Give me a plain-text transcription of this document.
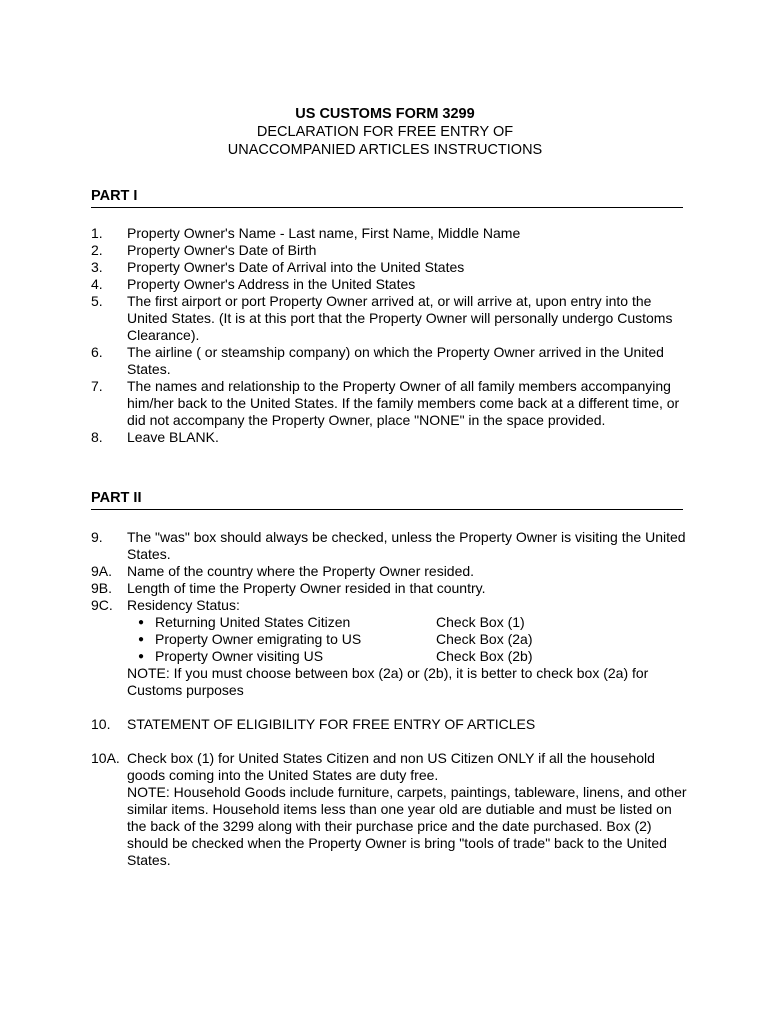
US CUSTOMS FORM 3299
DECLARATION FOR FREE ENTRY OF
UNACCOMPANIED ARTICLES INSTRUCTIONS
PART I
1.	Property Owner's Name - Last name, First Name, Middle Name
2.	Property Owner's Date of Birth
3.	Property Owner's Date of Arrival into the United States
4.	Property Owner's Address in the United States
5.	The first airport or port Property Owner arrived at, or will arrive at, upon entry into the United States. (It is at this port that the Property Owner will personally undergo Customs Clearance).
6.	The airline ( or steamship company) on which the Property Owner arrived in the United States.
7.	The names and relationship to the Property Owner of all family members accompanying him/her back to the United States. If the family members come back at a different time, or did not accompany the Property Owner, place "NONE" in the space provided.
8.	Leave BLANK.
PART II
9.	The "was" box should always be checked, unless the Property Owner is visiting the United States.
9A.	Name of the country where the Property Owner resided.
9B.	Length of time the Property Owner resided in that country.
9C.	Residency Status:

● Returning United States Citizen	Check Box (1)
● Property Owner emigrating to US	Check Box (2a)
● Property Owner visiting US	Check Box (2b)

NOTE: If you must choose between box (2a) or (2b), it is better to check box (2a) for Customs purposes

10.	STATEMENT OF ELIGIBILITY FOR FREE ENTRY OF ARTICLES
10A. Check box (1) for United States Citizen and non US Citizen ONLY if all the household goods coming into the United States are duty free.

NOTE: Household Goods include furniture, carpets, paintings, tableware, linens, and other similar items. Household items less than one year old are dutiable and must be listed on the back of the 3299 along with their purchase price and the date purchased. Box (2) should be checked when the Property Owner is bring "tools of trade" back to the United States.
